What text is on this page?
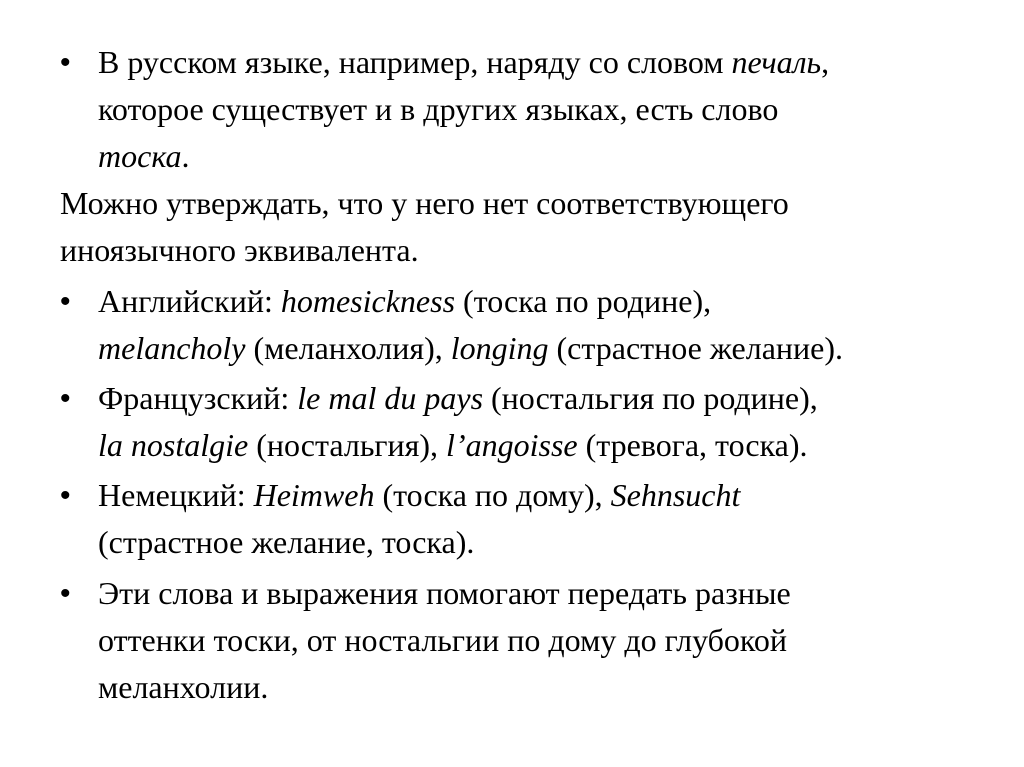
• В русском языке, например, наряду со словом печаль,
которое существует и в других языках, есть слово
тоска.
Можно утверждать, что у него нет соответствующего
иноязычного эквивалента.
• Английский: homesickness (тоска по родине),
melancholy (меланхолия), longing (страстное желание).
• Французский: le mal du pays (ностальгия по родине),
la nostalgie (ностальгия), l’angoisse (тревога, тоска).
• Немецкий: Heimweh (тоска по дому), Sehnsucht
(страстное желание, тоска).
• Эти слова и выражения помогают передать разные
оттенки тоски, от ностальгии по дому до глубокой
меланхолии.
